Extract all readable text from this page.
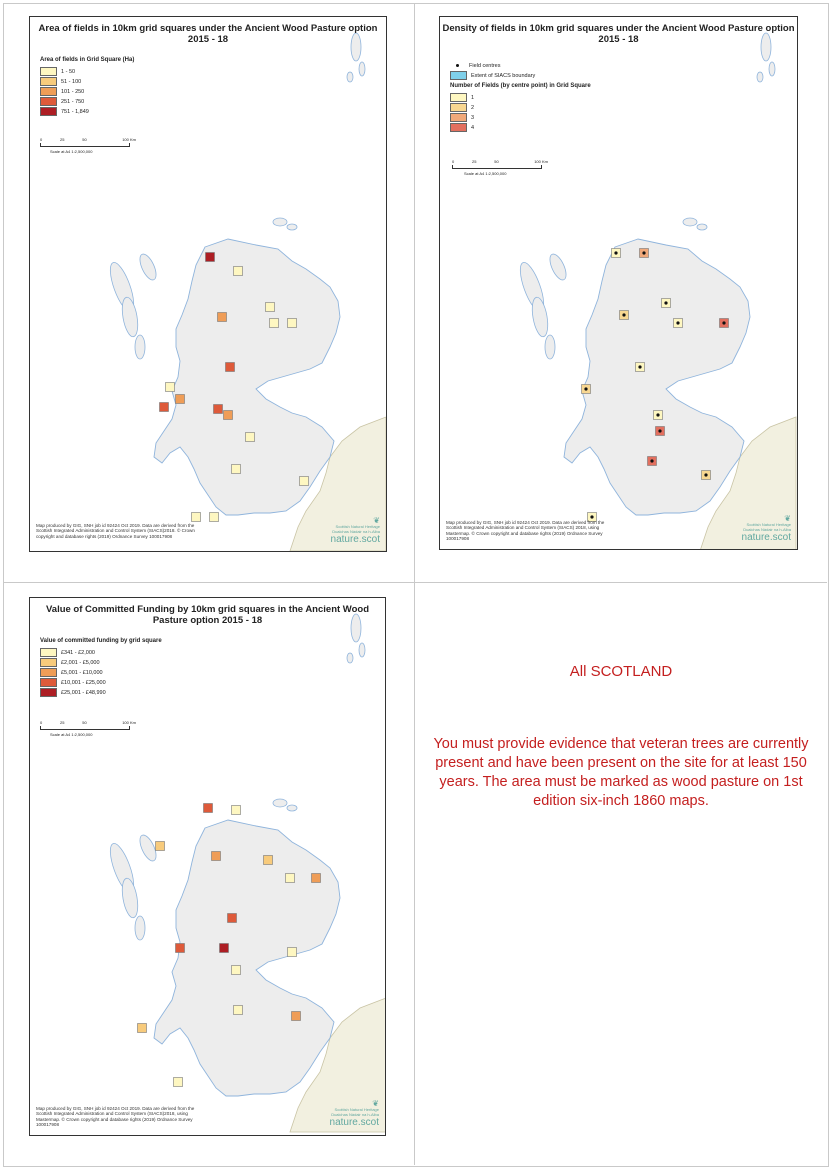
Area of fields in 10km grid squares under the Ancient Wood Pasture option 2015 - 18
Area of fields in Grid Square (Ha)
1 - 50
51 - 100
101 - 250
251 - 750
751 - 1,849
0	25	50	100 Km
Scale at A4 1:2,500,000
Map produced by GIG, SNH job id 92424 Oct 2019. Data are derived from the Scottish Integrated Administration and Control System (SIACS)2018. © Crown copyright and database rights (2019) Ordnance Survey 100017908
❦
Scottish Natural Heritage
Dualchas Nàdair na h-Alba
nature.scot
Density of fields in 10km grid squares under the Ancient Wood Pasture option 2015 - 18
Field centres
Extent of SIACS boundary
Number of Fields (by centre point) in Grid Square
1
2
3
4
0	25	50	100 Km
Scale at A4 1:2,500,000
Map produced by GIG, SNH job id 92424 Oct 2019. Data are derived from the Scottish Integrated Administration and Control System (SIACS) 2018, using Mastermap. © Crown copyright and database rights (2019) Ordnance Survey 100017908
❦
Scottish Natural Heritage
Dualchas Nàdair na h-Alba
nature.scot
Value of Committed Funding by 10km grid squares in the Ancient Wood Pasture option 2015 - 18
Value of committed funding by grid square
£341 - £2,000
£2,001 - £5,000
£5,001 - £10,000
£10,001 - £25,000
£25,001 - £48,990
0	25	50	100 Km
Scale at A4 1:2,500,000
Map produced by GIG, SNH job id 92424 Oct 2019. Data are derived from the Scottish Integrated Administration and Control System (SIACS)2018, using Mastermap. © Crown copyright and database rights (2019) Ordnance Survey 100017908
❦
Scottish Natural Heritage
Dualchas Nàdair na h-Alba
nature.scot
All SCOTLAND
You must provide evidence that veteran trees are currently present and have been present on the site for at least 150 years. The area must be marked as wood pasture on 1st edition six-inch 1860 maps.
